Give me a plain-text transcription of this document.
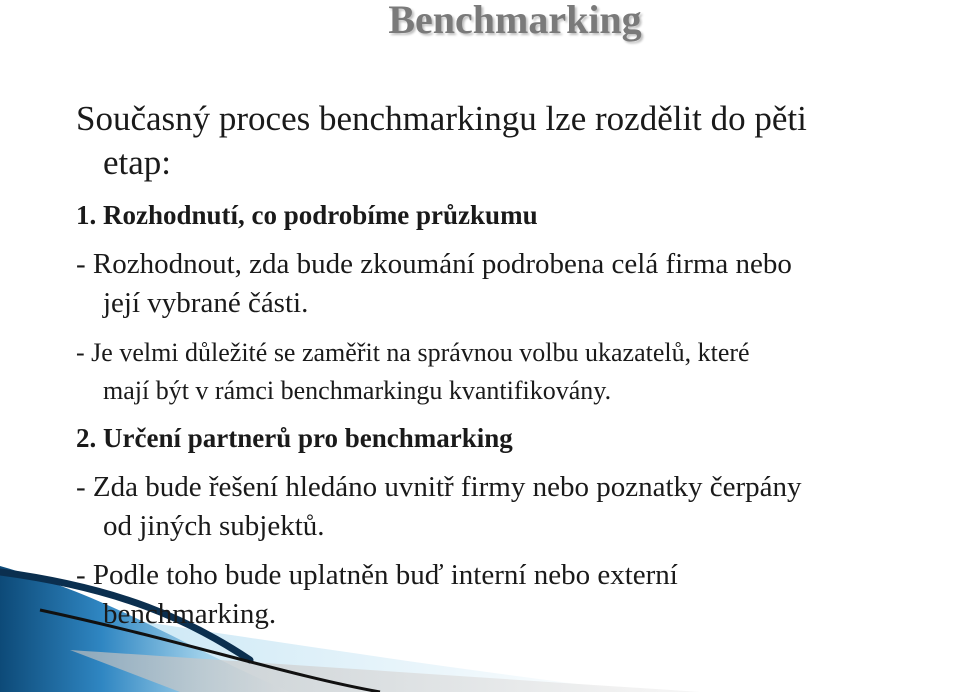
Benchmarking
Současný proces benchmarkingu lze rozdělit do pěti
etap:
1. Rozhodnutí, co podrobíme průzkumu
- Rozhodnout, zda bude zkoumání podrobena celá firma nebo
její vybrané části.
- Je velmi důležité se zaměřit na správnou volbu ukazatelů, které
mají být v rámci benchmarkingu kvantifikovány.
2. Určení partnerů pro benchmarking
- Zda bude řešení hledáno uvnitř firmy nebo poznatky čerpány
od jiných subjektů.
- Podle toho bude uplatněn buď interní nebo externí
benchmarking.
